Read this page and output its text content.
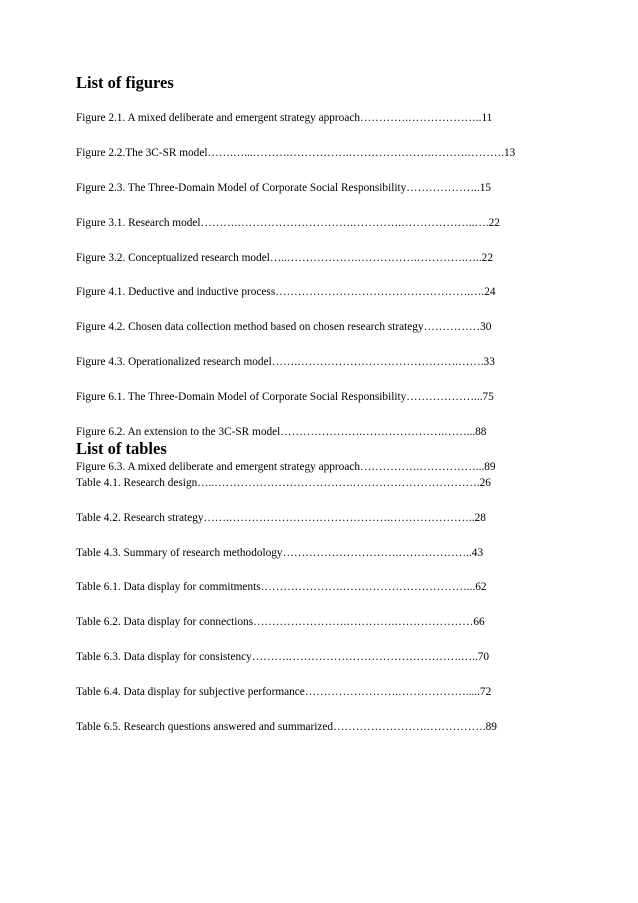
List of figures
Figure 2.1. A mixed deliberate and emergent strategy approach………….………………..11
Figure 2.2.The 3C-SR model…….…...……….…………….………………….……….……….13
Figure 2.3. The Three-Domain Model of Corporate Social Responsibility………………..15
Figure 3.1. Research model……….………………………….………….………………..….22
Figure 3.2. Conceptualized research model…..……………….…………….………….…..22
Figure 4.1. Deductive and inductive process…………………………………………….….24
Figure 4.2. Chosen data collection method based on chosen research strategy……………30
Figure 4.3. Operationalized research model…….…………………………………….…….33
Figure 6.1. The Three-Domain Model of Corporate Social Responsibility………………...75
Figure 6.2. An extension to the 3C-SR model………………….………………….……...88
Figure 6.3. A mixed deliberate and emergent strategy approach…………….……………...89
List of tables
Table 4.1. Research design…..……………………………….…………………………….26
Table 4.2. Research strategy…….…………………………………….…………………..28
Table 4.3. Summary of research methodology………………………….………………..43
Table 6.1. Data display for commitments………………….……………………………...62
Table 6.2. Data display for connections…………………….………….…………………66
Table 6.3. Data display for consistency……….……………………………………….…..70
Table 6.4. Data display for subjective performance…………………….……………….....72
Table 6.5. Research questions answered and summarized…………………….…………….89
